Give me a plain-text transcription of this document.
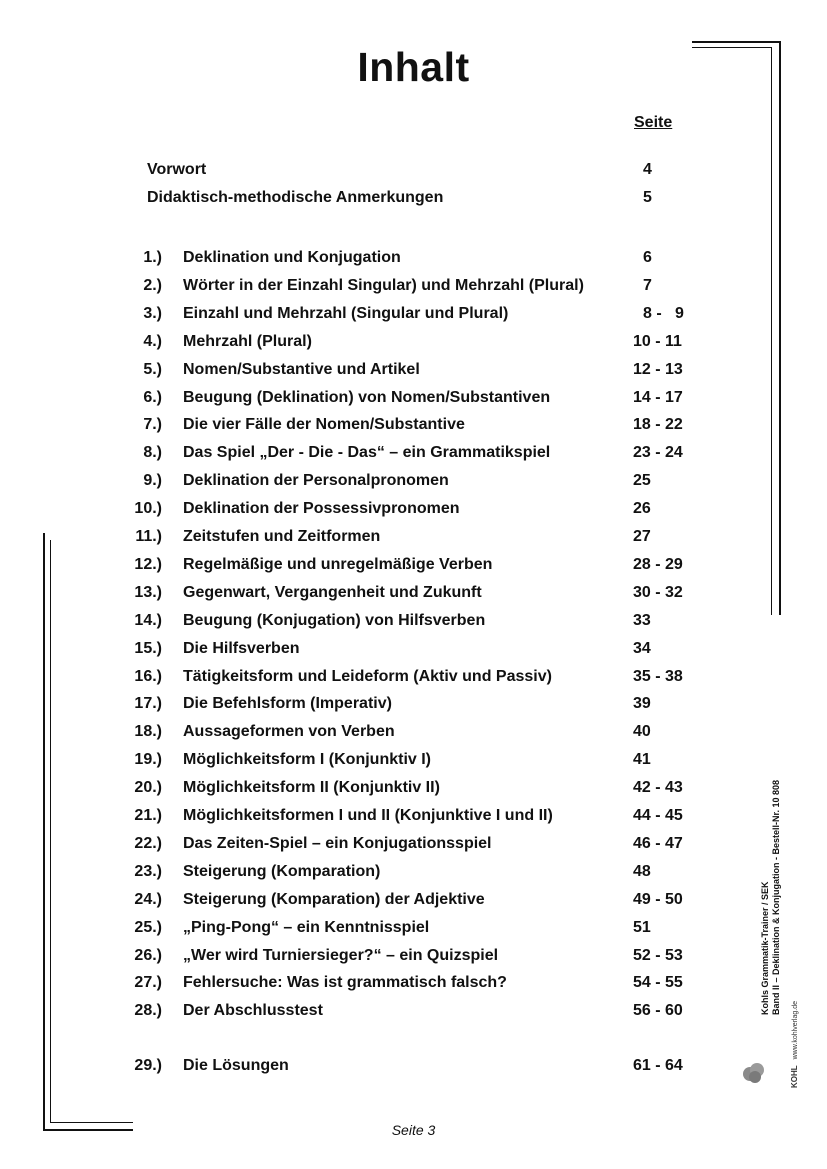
Inhalt
Seite
Vorwort	4
Didaktisch-methodische Anmerkungen	5
1.) Deklination und Konjugation	6
2.) Wörter in der Einzahl Singular) und Mehrzahl (Plural)	7
3.) Einzahl und Mehrzahl (Singular und Plural)	8 -   9
4.) Mehrzahl (Plural)	10 - 11
5.) Nomen/Substantive und Artikel	12 - 13
6.) Beugung (Deklination) von Nomen/Substantiven	14 - 17
7.) Die vier Fälle der Nomen/Substantive	18 - 22
8.) Das Spiel „Der - Die - Das“ – ein Grammatikspiel	23 - 24
9.) Deklination der Personalpronomen	25
10.) Deklination der Possessivpronomen	26
11.) Zeitstufen und Zeitformen	27
12.) Regelmäßige und unregelmäßige Verben	28 - 29
13.) Gegenwart, Vergangenheit und Zukunft	30 - 32
14.) Beugung (Konjugation) von Hilfsverben	33
15.) Die Hilfsverben	34
16.) Tätigkeitsform und Leideform (Aktiv und Passiv)	35 - 38
17.) Die Befehlsform (Imperativ)	39
18.) Aussageformen von Verben	40
19.) Möglichkeitsform I (Konjunktiv I)	41
20.) Möglichkeitsform II (Konjunktiv II)	42 - 43
21.) Möglichkeitsformen I und II (Konjunktive I und II)	44 - 45
22.) Das Zeiten-Spiel – ein Konjugationsspiel	46 - 47
23.) Steigerung (Komparation)	48
24.) Steigerung (Komparation) der Adjektive	49 - 50
25.) „Ping-Pong“ – ein Kenntnisspiel	51
26.) „Wer wird Turniersieger?“ – ein Quizspiel	52 - 53
27.) Fehlersuche: Was ist grammatisch falsch?	54 - 55
28.) Der Abschlusstest	56 - 60
29.) Die Lösungen	61 - 64
Seite 3
Kohls Grammatik-Trainer / SEK Band II – Deklination & Konjugation - Bestell-Nr. 10 808
KOHL www.kohlverlag.de
